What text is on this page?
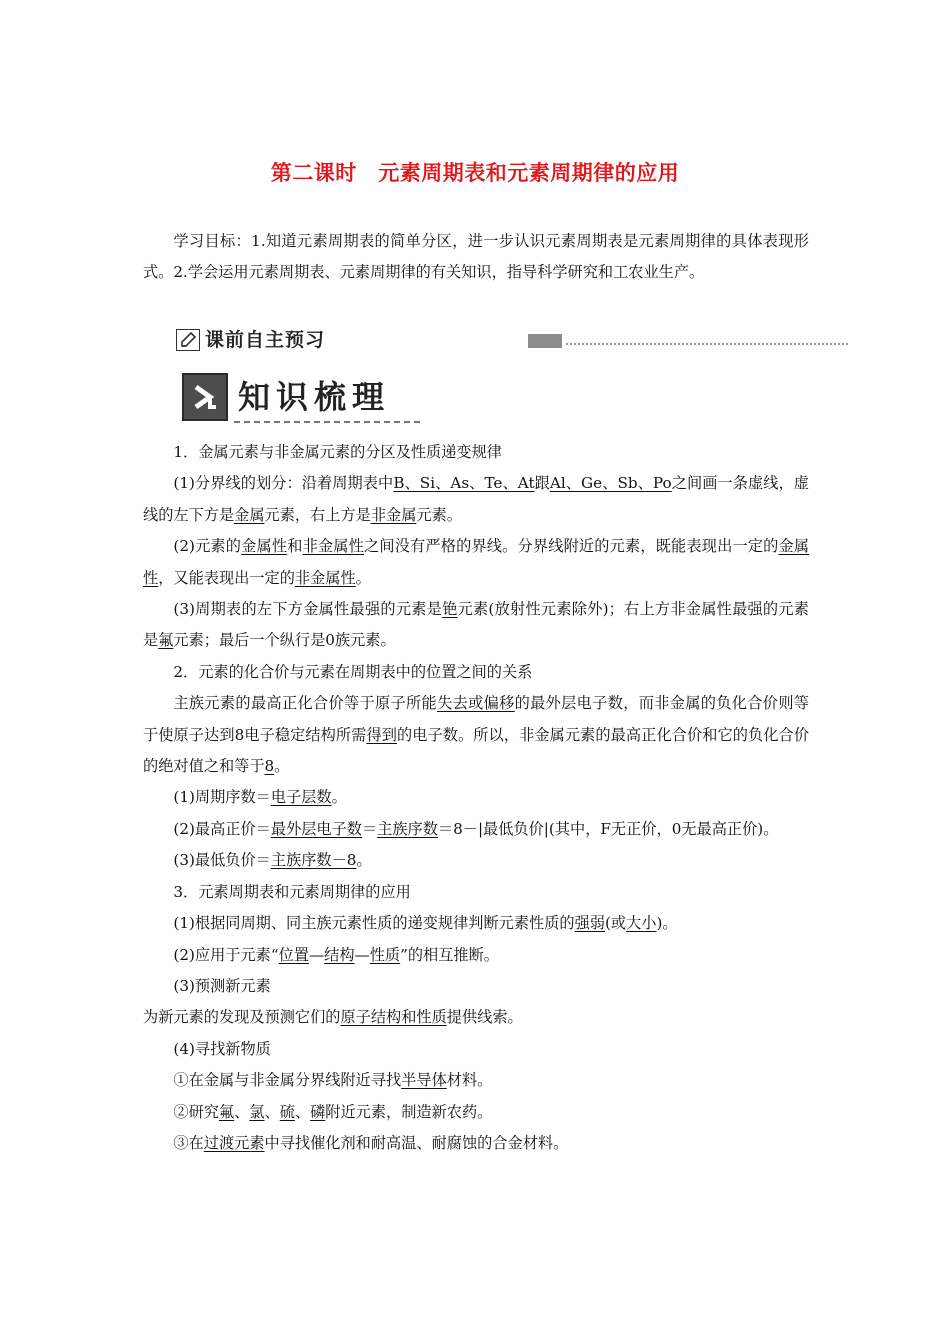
第二课时　元素周期表和元素周期律的应用

学习目标：1.知道元素周期表的简单分区，进一步认识元素周期表是元素周期律的具体表现形式。2.学会运用元素周期表、元素周期律的有关知识，指导科学研究和工农业生产。

课前自主预习
知识梳理

1．金属元素与非金属元素的分区及性质递变规律

(1)分界线的划分：沿着周期表中B、Si、As、Te、At跟Al、Ge、Sb、Po之间画一条虚线，虚线的左下方是金属元素，右上方是非金属元素。

(2)元素的金属性和非金属性之间没有严格的界线。分界线附近的元素，既能表现出一定的金属性，又能表现出一定的非金属性。

(3)周期表的左下方金属性最强的元素是铯元素(放射性元素除外)；右上方非金属性最强的元素是氟元素；最后一个纵行是0族元素。

2．元素的化合价与元素在周期表中的位置之间的关系

主族元素的最高正化合价等于原子所能失去或偏移的最外层电子数，而非金属的负化合价则等于使原子达到8电子稳定结构所需得到的电子数。所以，非金属元素的最高正化合价和它的负化合价的绝对值之和等于8。

(1)周期序数＝电子层数。

(2)最高正价＝最外层电子数＝主族序数＝8－|最低负价|(其中，F无正价，0无最高正价)。

(3)最低负价＝主族序数－8。

3．元素周期表和元素周期律的应用

(1)根据同周期、同主族元素性质的递变规律判断元素性质的强弱(或大小)。

(2)应用于元素“位置—结构—性质”的相互推断。

(3)预测新元素

为新元素的发现及预测它们的原子结构和性质提供线索。

(4)寻找新物质

①在金属与非金属分界线附近寻找半导体材料。

②研究氟、氯、硫、磷附近元素，制造新农药。

③在过渡元素中寻找催化剂和耐高温、耐腐蚀的合金材料。
